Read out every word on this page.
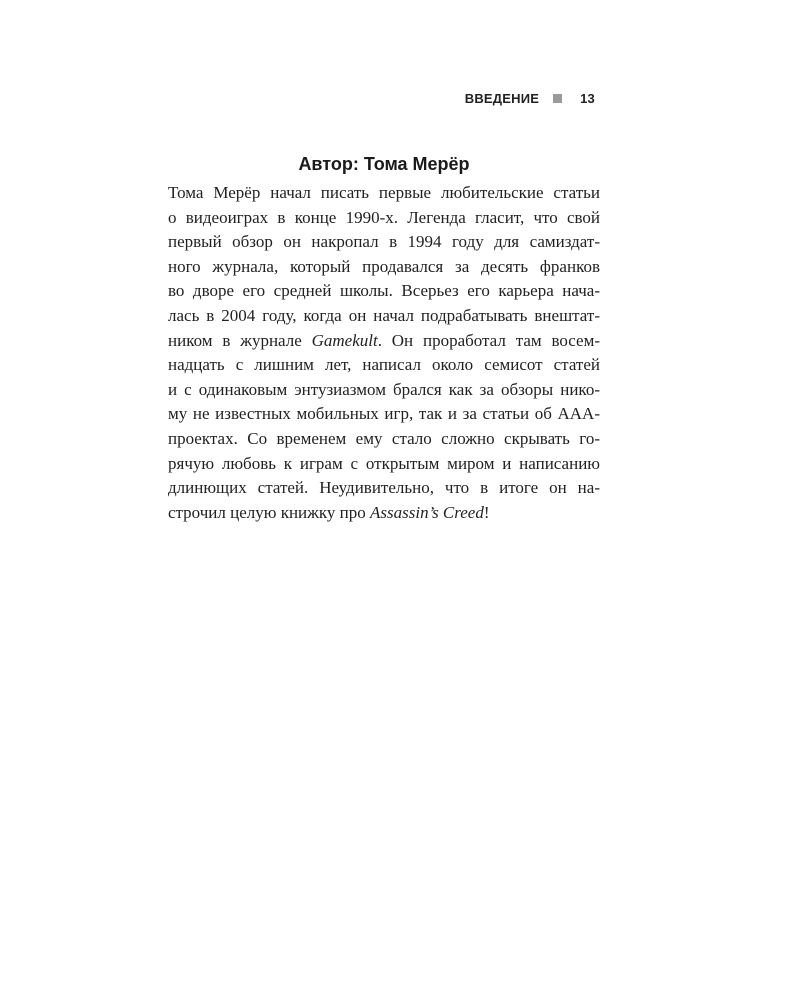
ВВЕДЕНИЕ	13
Автор: Тома Мерёр
Тома Мерёр начал писать первые любительские статьи
о видеоиграх в конце 1990-х. Легенда гласит, что свой
первый обзор он накропал в 1994 году для самиздат-
ного журнала, который продавался за десять франков
во дворе его средней школы. Всерьез его карьера нача-
лась в 2004 году, когда он начал подрабатывать внештат-
ником в журнале Gamekult. Он проработал там восем-
надцать с лишним лет, написал около семисот статей
и с одинаковым энтузиазмом брался как за обзоры нико-
му не известных мобильных игр, так и за статьи об ААА-
проектах. Со временем ему стало сложно скрывать го-
рячую любовь к играм с открытым миром и написанию
длинющих статей. Неудивительно, что в итоге он на-
строчил целую книжку про Assassin’s Creed!
